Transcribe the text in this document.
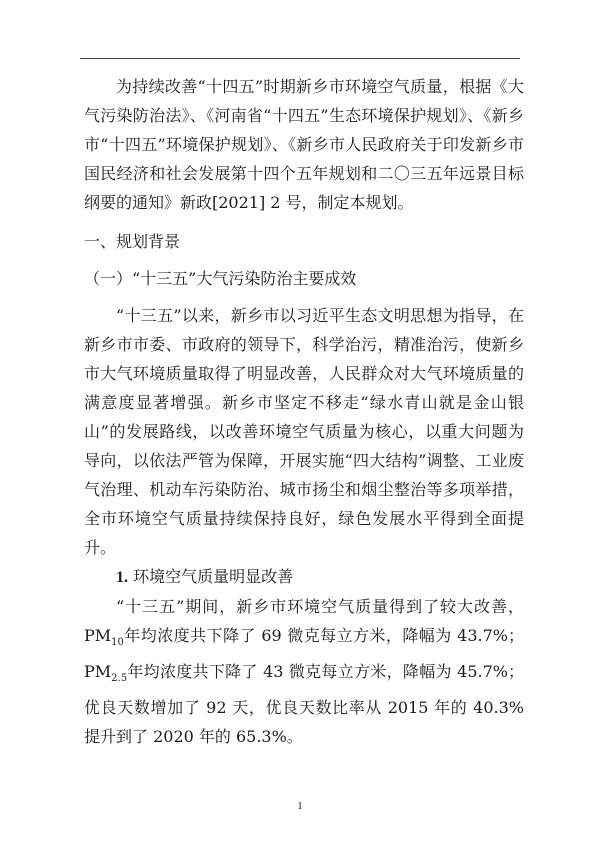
为持续改善“十四五”时期新乡市环境空气质量，根据《大气污染防治法》、《河南省“十四五”生态环境保护规划》、《新乡市“十四五”环境保护规划》、《新乡市人民政府关于印发新乡市国民经济和社会发展第十四个五年规划和二〇三五年远景目标纲要的通知》新政[2021] 2 号，制定本规划。

一、规划背景

（一）“十三五”大气污染防治主要成效

“十三五”以来，新乡市以习近平生态文明思想为指导，在新乡市市委、市政府的领导下，科学治污，精准治污，使新乡市大气环境质量取得了明显改善，人民群众对大气环境质量的满意度显著增强。新乡市坚定不移走“绿水青山就是金山银山”的发展路线，以改善环境空气质量为核心，以重大问题为导向，以依法严管为保障，开展实施“四大结构”调整、工业废气治理、机动车污染防治、城市扬尘和烟尘整治等多项举措，全市环境空气质量持续保持良好，绿色发展水平得到全面提升。

1. 环境空气质量明显改善

“十三五”期间，新乡市环境空气质量得到了较大改善，$PM_{10}$年均浓度共下降了 69 微克每立方米，降幅为 43.7%；$PM_{2.5}$年均浓度共下降了 43 微克每立方米，降幅为 45.7%；优良天数增加了 92 天，优良天数比率从 2015 年的 40.3%提升到了 2020 年的 65.3%。

1
